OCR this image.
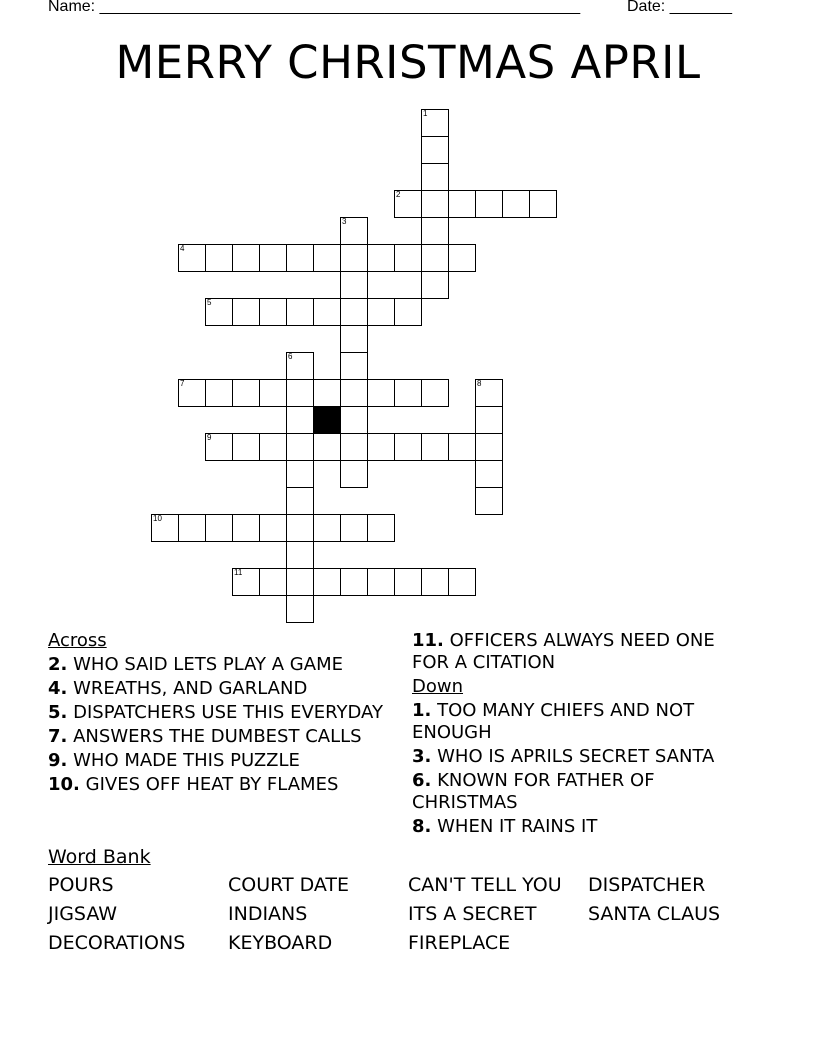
Name: ______________________________________________________	Date: _______
MERRY CHRISTMAS APRIL
1
2
3
4
5
6
7	8
9
10
11
Across
2. WHO SAID LETS PLAY A GAME
4. WREATHS, AND GARLAND
5. DISPATCHERS USE THIS EVERYDAY
7. ANSWERS THE DUMBEST CALLS
9. WHO MADE THIS PUZZLE
10. GIVES OFF HEAT BY FLAMES
11. OFFICERS ALWAYS NEED ONE FOR A CITATION
Down
1. TOO MANY CHIEFS AND NOT ENOUGH
3. WHO IS APRILS SECRET SANTA
6. KNOWN FOR FATHER OF CHRISTMAS
8. WHEN IT RAINS IT
Word Bank
POURS	COURT DATE	CAN'T TELL YOU	DISPATCHER
JIGSAW	INDIANS	ITS A SECRET	SANTA CLAUS
DECORATIONS	KEYBOARD	FIREPLACE
